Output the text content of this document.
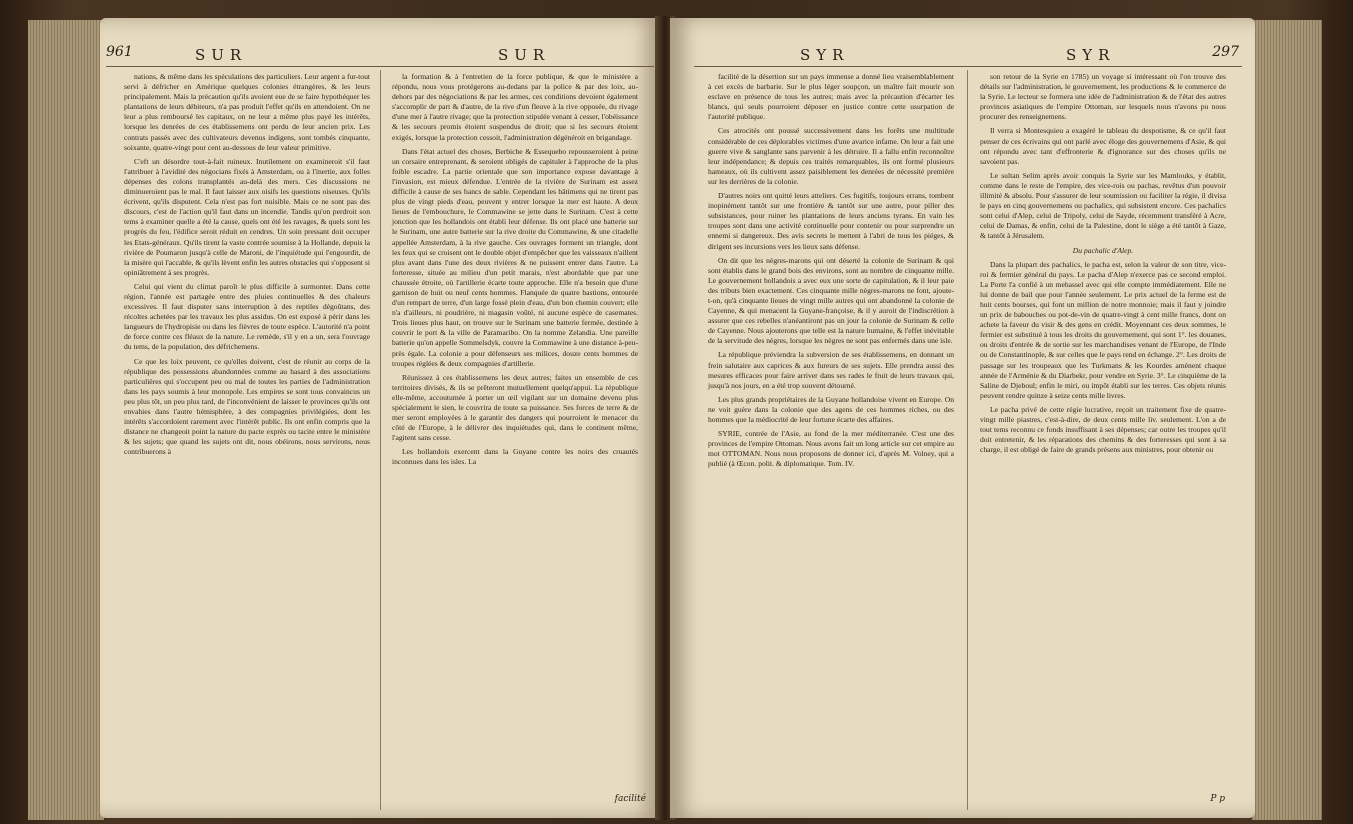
961	SUR	SUR

nations, & même dans les spéculations des particuliers. Leur argent a fur-tout servi à défricher en Amérique quelques colonies étrangères, & les leurs principalement. Mais la précaution qu'ils avoient eue de se faire hypothéquer les plantations de leurs débiteurs, n'a pas produit l'effet qu'ils en attendoient. On ne leur a plus remboursé les capitaux, on ne leur a même plus payé les intérêts, lorsque les denrées de ces établissemens ont perdu de leur ancien prix. Les contrats passés avec des cultivateurs devenus indigens, sont tombés cinquante, soixante, quatre-vingt pour cent au-dessous de leur valeur primitive.

C'eft un désordre tout-à-fait ruineux. Inutilement on examineroit s'il faut l'attribuer à l'avidité des négocians fixés à Amsterdam, ou à l'inertie, aux folles dépenses des colons transplantés au-delà des mers. Ces discussions ne diminueroient pas le mal. Il faut laisser aux oisifs les questions oiseuses. Qu'ils écrivent, qu'ils disputent. Cela n'est pas fort nuisible. Mais ce ne sont pas des discours, c'est de l'action qu'il faut dans un incendie. Tandis qu'on perdroit son tems à examiner quelle a été la cause, quels ont été les ravages, & quels sont les progrès du feu, l'édifice seroit réduit en cendres. Un soin pressant doit occuper les Etats-généraux. Qu'ils tirent la vaste contrée soumise à la Hollande, depuis la rivière de Poumaron jusqu'à celle de Maroni, de l'inquiétude qui l'engourdit, de la misère qui l'accable, & qu'ils lèvent enfin les autres obstacles qui s'opposent si opiniâtrement à ses progrès.

Celui qui vient du climat paroît le plus difficile à surmonter. Dans cette région, l'année est partagée entre des pluies continuelles & des chaleurs excessives. Il faut disputer sans interruption à des reptiles dégoûtans, des récoltes achetées par les travaux les plus assidus. On est exposé à périr dans les langueurs de l'hydropisie ou dans les fièvres de toute espèce. L'autorité n'a point de force contre ces fléaux de la nature. Le remède, s'il y en a un, sera l'ouvrage du tems, de la population, des défrichemens.

Ce que les loix peuvent, ce qu'elles doivent, c'est de réunir au corps de la république des possessions abandonnées comme au hasard à des associations particulières qui s'occupent peu ou mal de toutes les parties de l'administration dans les pays soumis à leur monopole. Les empires se sont tous convaincus un peu plus tôt, un peu plus tard, de l'inconvénient de laisser le provinces qu'ils ont envahies dans l'autre hémisphère, à des compagnies privilégiées, dont les intérêts s'accordoient rarement avec l'intérêt public. Ils ont enfin compris que la distance ne changeoit point la nature du pacte exprès ou tacite entre le ministère & les sujets; que quand les sujets ont dit, nous obéirons, nous servirons, nous contribuerons à

la formation & à l'entretien de la force publique, & que le ministère a répondu, nous vous protégerons au-dedans par la police & par des loix, au-dehors par des négociations & par les armes, ces conditions devoient également s'accomplir de part & d'autre, de la rive d'un fleuve à la rive opposée, du rivage d'une mer à l'autre rivage; que la protection stipulée venant à cesser, l'obéissance & les secours promis étoient suspendus de droit; que si les secours étoient exigés, lorsque la protection cessoit, l'administration dégénéroit en brigandage.

Dans l'état actuel des choses, Berbiche & Essequebo repousseroient à peine un corsaire entreprenant, & seroient obligés de capituler à l'approche de la plus foible escadre. La partie orientale que son importance expose davantage à l'invasion, est mieux défendue. L'entrée de la rivière de Surinam est assez difficile à cause de ses bancs de sable. Cependant les bâtimens qui ne tirent pas plus de vingt pieds d'eau, peuvent y entrer lorsque la mer est haute. A deux lieues de l'embouchure, le Commawine se jette dans le Surinam. C'est à cette jonction que les hollandois ont établi leur défense. Ils ont placé une batterie sur le Surinam, une autre batterie sur la rive droite du Commawine, & une citadelle appellée Amsterdam, à la rive gauche. Ces ouvrages forment un triangle, dont les feux qui se croisent ont le double objet d'empêcher que les vaisseaux n'aillent plus avant dans l'une des deux rivières & ne puissent entrer dans l'autre. La forteresse, située au milieu d'un petit marais, n'est abordable que par une chaussée étroite, où l'artillerie écarte toute approche. Elle n'a besoin que d'une garnison de huit ou neuf cents hommes. Flanquée de quatre bastions, entourée d'un rempart de terre, d'un large fossé plein d'eau, d'un bon chemin couvert; elle n'a d'ailleurs, ni poudrière, ni magasin voûté, ni aucune espèce de casemates. Trois lieues plus haut, on trouve sur le Surinam une batterie fermée, destinée à couvrir le port & la ville de Paramaribo. On la nomme Zelandia. Une pareille batterie qu'on appelle Sommelsdyk, couvre la Commawine à une distance à-peu-près égale. La colonie a pour défenseurs ses milices, douze cents hommes de troupes réglées & deux compagnies d'artillerie.

Réunissez à ces établissemens les deux autres; faites un ensemble de ces territoires divisés, & ils se prêteront mutuellement quelqu'appui. La république elle-même, accoutumée à porter un œil vigilant sur un domaine devenu plus spécialement le sien, le couvrira de toute sa puissance. Ses forces de terre & de mer seront employées à le garantir des dangers qui pourroient le menacer du côté de l'Europe, à le délivrer des inquiétudes qui, dans le continent même, l'agitent sans cesse.

Les hollandois exercent dans la Guyane contre les noirs des cruautés inconnues dans les isles. La

facilité
SYR	SYR	297

facilité de la désertion sur un pays immense a donné lieu vraisemblablement à cet excès de barbarie. Sur le plus léger soupçon, un maître fait mourir son esclave en présence de tous les autres; mais avec la précaution d'écarter les blancs, qui seuls pourroient déposer en justice contre cette usurpation de l'autorité publique.

Ces atrocités ont poussé successivement dans les forêts une multitude considérable de ces déplorables victimes d'une avarice infame. On leur a fait une guerre vive & sanglante sans parvenir à les détruire. Il a fallu enfin reconnoître leur indépendance; & depuis ces traités remarquables, ils ont formé plusieurs hameaux, où ils cultivent assez paisiblement les denrées de nécessité première sur les derrières de la colonie.

D'autres noirs ont quitté leurs atteliers. Ces fugitifs, toujours errans, tombent inopinément tantôt sur une frontière & tantôt sur une autre, pour piller des subsistances, pour ruiner les plantations de leurs anciens tyrans. En vain les troupes sont dans une activité continuelle pour contenir ou pour surprendre un ennemi si dangereux. Des avis secrets le mettent à l'abri de tous les piéges, & dirigent ses incursions vers les lieux sans défense.

On dit que les nègres-marons qui ont déserté la colonie de Surinam & qui sont établis dans le grand bois des environs, sont au nombre de cinquante mille. Le gouvernement hollandois a avec eux une sorte de capitulation, & il leur paie des tributs bien exactement. Ces cinquante mille nègres-marons ne font, ajoute-t-on, qu'à cinquante lieues de vingt mille autres qui ont abandonné la colonie de Cayenne, & qui menacent la Guyane-françoise, & il y auroit de l'indiscrétion à assurer que ces rebelles n'anéantiront pas un jour la colonie de Surinam & celle de Cayenne. Nous ajouterons que telle est la nature humaine, & l'effet inévitable de la servitude des nègres, lorsque les nègres ne sont pas enfermés dans une isle.

La république préviendra la subversion de ses établissemens, en donnant un frein salutaire aux caprices & aux fureurs de ses sujets. Elle prendra aussi des mesures efficaces pour faire arriver dans ses rades le fruit de leurs travaux qui, jusqu'à nos jours, en a été trop souvent détourné.

Les plus grands propriétaires de la Guyane hollandoise vivent en Europe. On ne voit guère dans la colonie que des agens de ces hommes riches, ou des hommes que la médiocrité de leur fortune écarte des affaires.

SYRIE, contrée de l'Asie, au fond de la mer méditerranée. C'est une des provinces de l'empire Ottoman. Nous avons fait un long article sur cet empire au mot OTTOMAN. Nous nous proposons de donner ici, d'après M. Volney, qui a publié (à Œcon. polit. & diplomatique. Tom. IV.

son retour de la Syrie en 1785) un voyage si intéressant où l'on trouve des détails sur l'administration, le gouvernement, les productions & le commerce de la Syrie. Le lecteur se formera une idée de l'administration & de l'état des autres provinces asiatiques de l'empire Ottoman, sur lesquels nous n'avons pu nous procurer des renseignemens.

Il verra si Montesquieu a exagéré le tableau du despotisme, & ce qu'il faut penser de ces écrivains qui ont parlé avec éloge des gouvernemens d'Asie, & qui ont répondu avec tant d'effronterie & d'ignorance sur des choses qu'ils ne savoient pas.

Le sultan Selim après avoir conquis la Syrie sur les Mamlouks, y établit, comme dans le reste de l'empire, des vice-rois ou pachas, revêtus d'un pouvoir illimité & absolu. Pour s'assurer de leur soumission ou faciliter la régie, il divisa le pays en cinq gouvernemens ou pachalics, qui subsistent encore. Ces pachalics sont celui d'Alep, celui de Tripoly, celui de Sayde, récemment transféré à Acre, celui de Damas, & enfin, celui de la Palestine, dont le siège a été tantôt à Gaze, & tantôt à Jérusalem.

Du pachalic d'Alep.

Dans la plupart des pachalics, le pacha est, selon la valeur de son titre, vice-roi & fermier général du pays. Le pacha d'Alep n'exerce pas ce second emploi. La Porte l'a confié à un mehassel avec qui elle compte immédiatement. Elle ne lui donne de bail que pour l'année seulement. Le prix actuel de la ferme est de huit cents bourses, qui font un million de notre monnoie; mais il faut y joindre un prix de babouches ou pot-de-vin de quatre-vingt à cent mille francs, dont on achete la faveur du visir & des gens en crédit. Moyennant ces deux sommes, le fermier est substitué à tous les droits du gouvernement, qui sont 1°. les douanes, ou droits d'entrée & de sortie sur les marchandises venant de l'Europe, de l'Inde ou de Constantinople, & sur celles que le pays rend en échange. 2°. Les droits de passage sur les troupeaux que les Turkmans & les Kourdes amènent chaque année de l'Arménie & du Diarbekr, pour vendre en Syrie. 3°. Le cinquième de la Saline de Djeboul; enfin le miri, ou impôt établi sur les terres. Ces objets réunis peuvent rendre quinze à seize cents mille livres.

Le pacha privé de cette régie lucrative, reçoit un traitement fixe de quatre-vingt mille piastres, c'est-à-dire, de deux cents mille liv. seulement. L'on a de tout tems reconnu ce fonds insuffisant à ses dépenses; car outre les troupes qu'il doit entretenir, & les réparations des chemins & des forteresses qui sont à sa charge, il est obligé de faire de grands présens aux ministres, pour obtenir ou

P p
